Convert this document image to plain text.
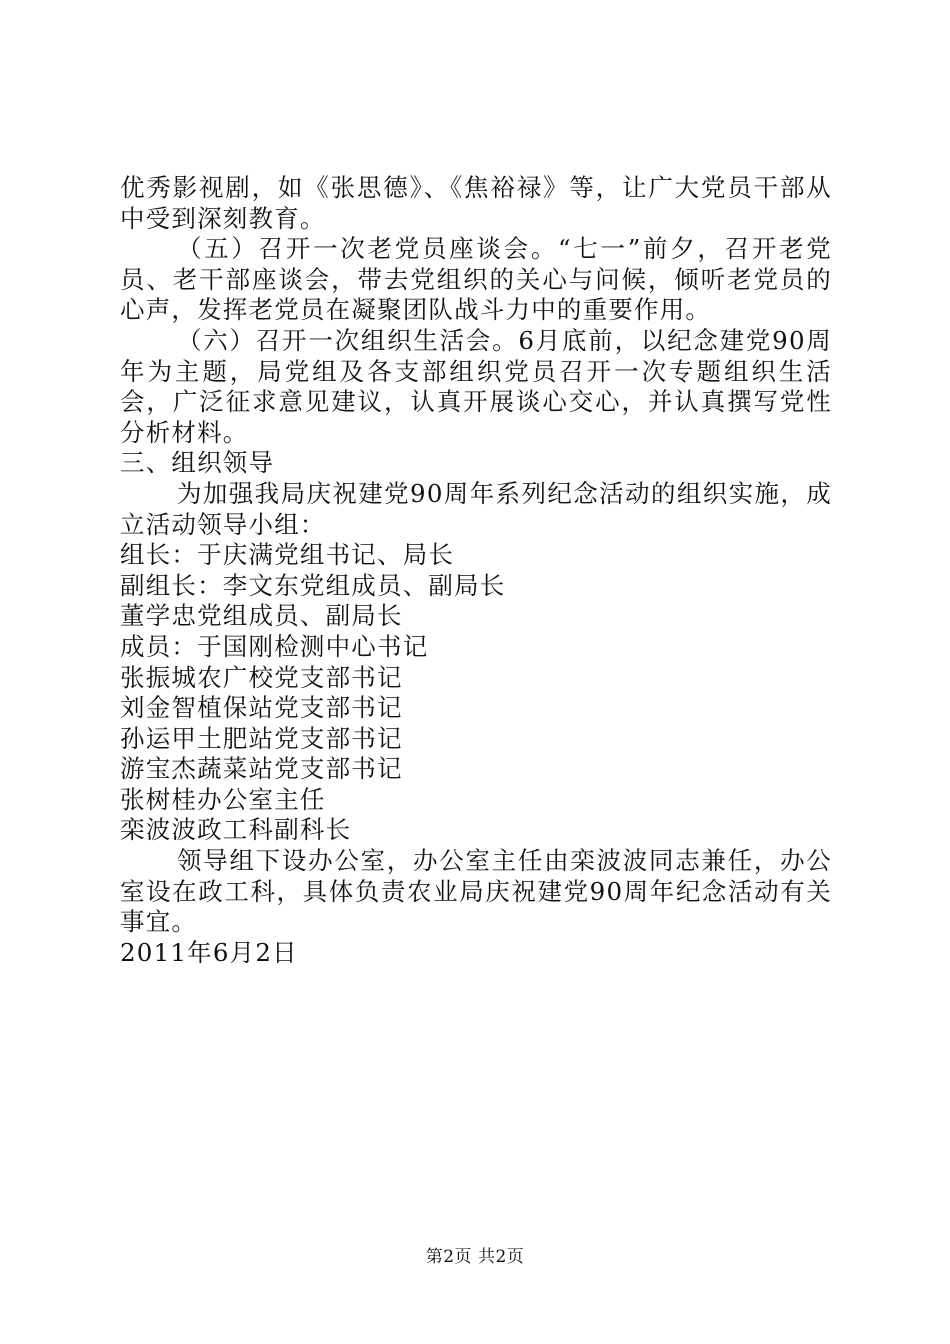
优秀影视剧，如《张思德》、《焦裕禄》等，让广大党员干部从中受到深刻教育。

（五）召开一次老党员座谈会。“七一”前夕，召开老党员、老干部座谈会，带去党组织的关心与问候，倾听老党员的心声，发挥老党员在凝聚团队战斗力中的重要作用。

（六）召开一次组织生活会。6月底前，以纪念建党90周年为主题，局党组及各支部组织党员召开一次专题组织生活会，广泛征求意见建议，认真开展谈心交心，并认真撰写党性分析材料。

三、组织领导

为加强我局庆祝建党90周年系列纪念活动的组织实施，成立活动领导小组：

组长：于庆满党组书记、局长

副组长：李文东党组成员、副局长

董学忠党组成员、副局长

成员：于国刚检测中心书记

张振城农广校党支部书记

刘金智植保站党支部书记

孙运甲土肥站党支部书记

游宝杰蔬菜站党支部书记

张树桂办公室主任

栾波波政工科副科长

领导组下设办公室，办公室主任由栾波波同志兼任，办公室设在政工科，具体负责农业局庆祝建党90周年纪念活动有关事宜。

2011年6月2日

第2页 共2页
